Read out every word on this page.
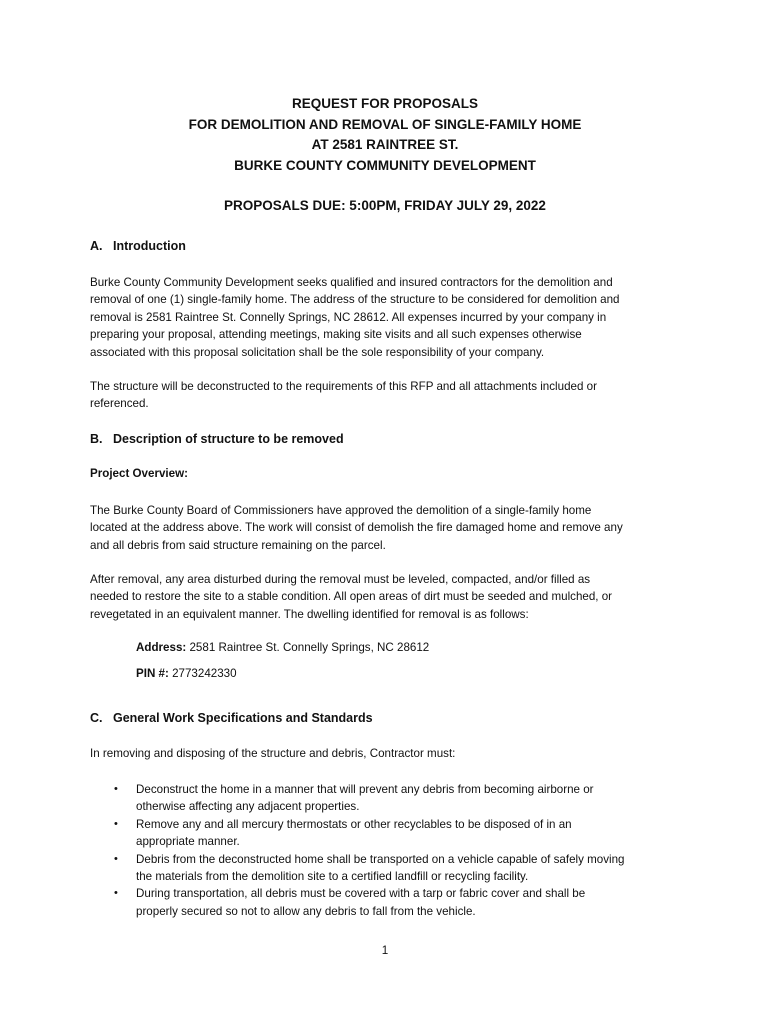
REQUEST FOR PROPOSALS
FOR DEMOLITION AND REMOVAL OF SINGLE-FAMILY HOME
AT 2581 RAINTREE ST.
BURKE COUNTY COMMUNITY DEVELOPMENT
PROPOSALS DUE: 5:00PM, FRIDAY JULY 29, 2022
A. Introduction
Burke County Community Development seeks qualified and insured contractors for the demolition and
removal of one (1) single-family home. The address of the structure to be considered for demolition and
removal is 2581 Raintree St. Connelly Springs, NC 28612. All expenses incurred by your company in
preparing your proposal, attending meetings, making site visits and all such expenses otherwise
associated with this proposal solicitation shall be the sole responsibility of your company.
The structure will be deconstructed to the requirements of this RFP and all attachments included or
referenced.
B. Description of structure to be removed
Project Overview:
The Burke County Board of Commissioners have approved the demolition of a single-family home
located at the address above. The work will consist of demolish the fire damaged home and remove any
and all debris from said structure remaining on the parcel.
After removal, any area disturbed during the removal must be leveled, compacted, and/or filled as
needed to restore the site to a stable condition. All open areas of dirt must be seeded and mulched, or
revegetated in an equivalent manner. The dwelling identified for removal is as follows:
Address: 2581 Raintree St. Connelly Springs, NC 28612
PIN #: 2773242330
C. General Work Specifications and Standards
In removing and disposing of the structure and debris, Contractor must:
• Deconstruct the home in a manner that will prevent any debris from becoming airborne or
otherwise affecting any adjacent properties.
• Remove any and all mercury thermostats or other recyclables to be disposed of in an
appropriate manner.
• Debris from the deconstructed home shall be transported on a vehicle capable of safely moving
the materials from the demolition site to a certified landfill or recycling facility.
• During transportation, all debris must be covered with a tarp or fabric cover and shall be
properly secured so not to allow any debris to fall from the vehicle.
1
